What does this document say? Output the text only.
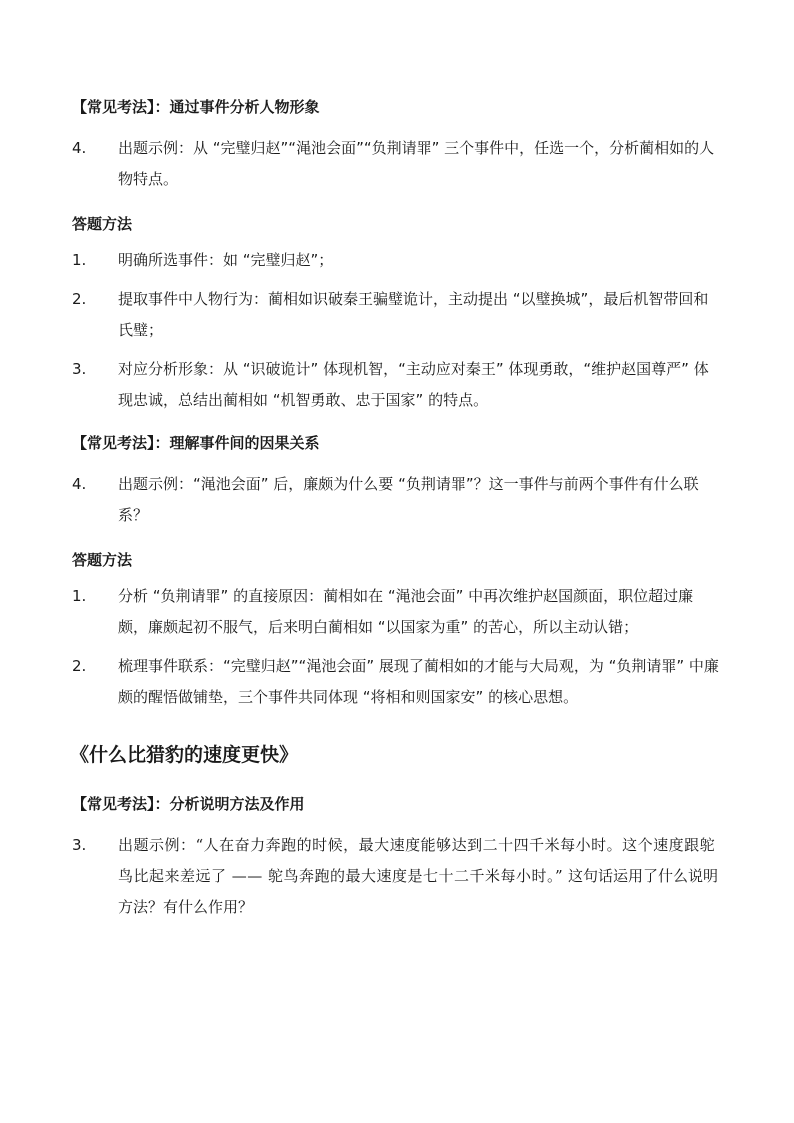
【常见考法】：通过事件分析人物形象

4.	出题示例：从 “完璧归赵”“渑池会面”“负荆请罪” 三个事件中，任选一个，分析蔺相如的人物特点。
答题方法
1.	明确所选事件：如 “完璧归赵”；
2.	提取事件中人物行为：蔺相如识破秦王骗璧诡计，主动提出 “以璧换城”，最后机智带回和氏璧；
3.	对应分析形象：从 “识破诡计” 体现机智，“主动应对秦王” 体现勇敢，“维护赵国尊严” 体现忠诚，总结出蔺相如 “机智勇敢、忠于国家” 的特点。

【常见考法】：理解事件间的因果关系

4.	出题示例：“渑池会面” 后，廉颇为什么要 “负荆请罪”？这一事件与前两个事件有什么联系？
答题方法
1.	分析 “负荆请罪” 的直接原因：蔺相如在 “渑池会面” 中再次维护赵国颜面，职位超过廉颇，廉颇起初不服气，后来明白蔺相如 “以国家为重” 的苦心，所以主动认错；
2.	梳理事件联系：“完璧归赵”“渑池会面” 展现了蔺相如的才能与大局观，为 “负荆请罪” 中廉颇的醒悟做铺垫，三个事件共同体现 “将相和则国家安” 的核心思想。
《什么比猎豹的速度更快》

【常见考法】：分析说明方法及作用

3.	出题示例：“人在奋力奔跑的时候，最大速度能够达到二十四千米每小时。这个速度跟鸵鸟比起来差远了 —— 鸵鸟奔跑的最大速度是七十二千米每小时。” 这句话运用了什么说明方法？有什么作用？
